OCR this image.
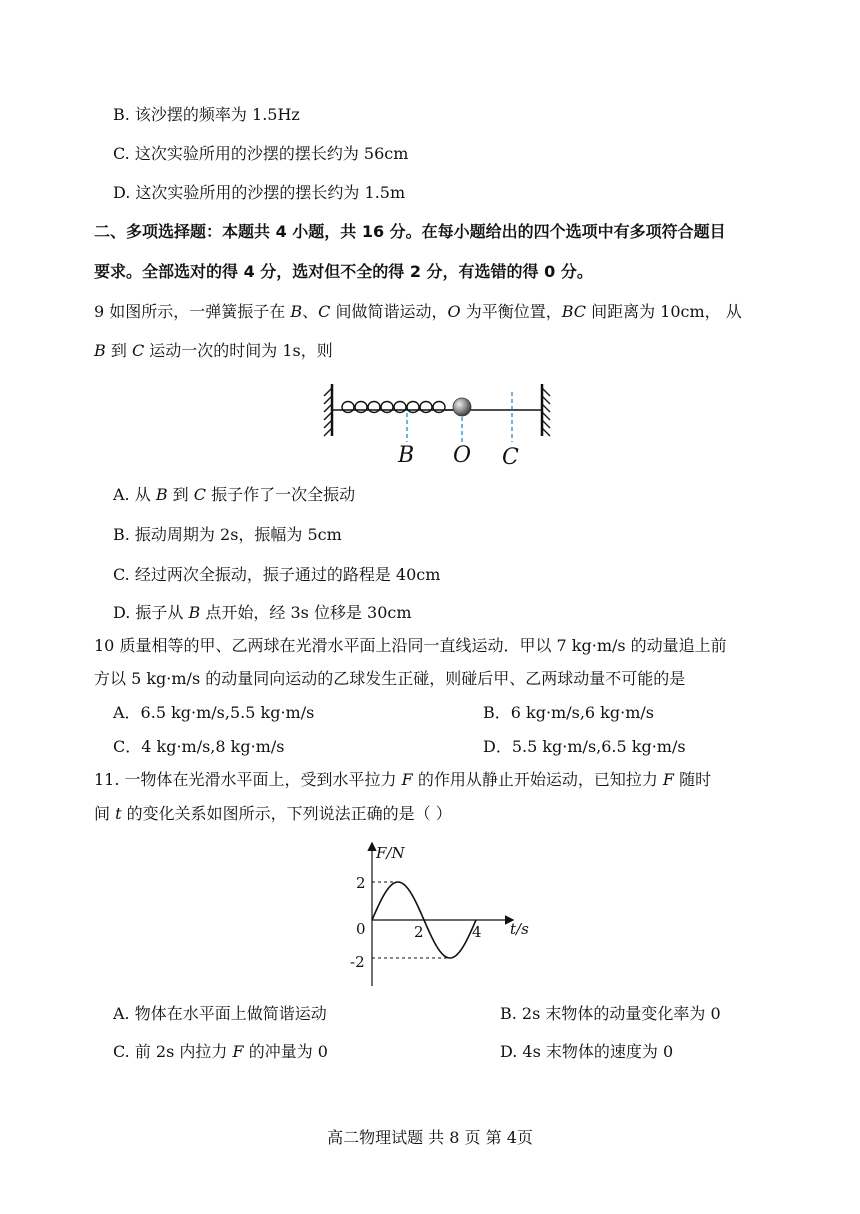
B. 该沙摆的频率为 1.5Hz
C. 这次实验所用的沙摆的摆长约为 56cm
D. 这次实验所用的沙摆的摆长约为 1.5m
二、多项选择题：本题共 4 小题，共 16 分。在每小题给出的四个选项中有多项符合题目
要求。全部选对的得 4 分，选对但不全的得 2 分，有选错的得 0 分。
9 如图所示，一弹簧振子在 B、C 间做简谐运动，O 为平衡位置，BC 间距离为 10cm， 从
B 到 C 运动一次的时间为 1s，则
B O C
A. 从 B 到 C 振子作了一次全振动
B. 振动周期为 2s，振幅为 5cm
C. 经过两次全振动，振子通过的路程是 40cm
D. 振子从 B 点开始，经 3s 位移是 30cm
10 质量相等的甲、乙两球在光滑水平面上沿同一直线运动．甲以 7 kg·m/s 的动量追上前
方以 5 kg·m/s 的动量同向运动的乙球发生正碰，则碰后甲、乙两球动量不可能的是
A．6.5 kg·m/s,5.5 kg·m/s	B．6 kg·m/s,6 kg·m/s
C．4 kg·m/s,8 kg·m/s	D．5.5 kg·m/s,6.5 kg·m/s
11. 一物体在光滑水平面上，受到水平拉力 F 的作用从静止开始运动，已知拉力 F 随时
间 t 的变化关系如图所示，下列说法正确的是（ ）
F/N
t/s
2
0
-2
2	4
A. 物体在水平面上做简谐运动	B. 2s 末物体的动量变化率为 0
C. 前 2s 内拉力 F 的冲量为 0	D. 4s 末物体的速度为 0
高二物理试题 共 8 页 第 4页
